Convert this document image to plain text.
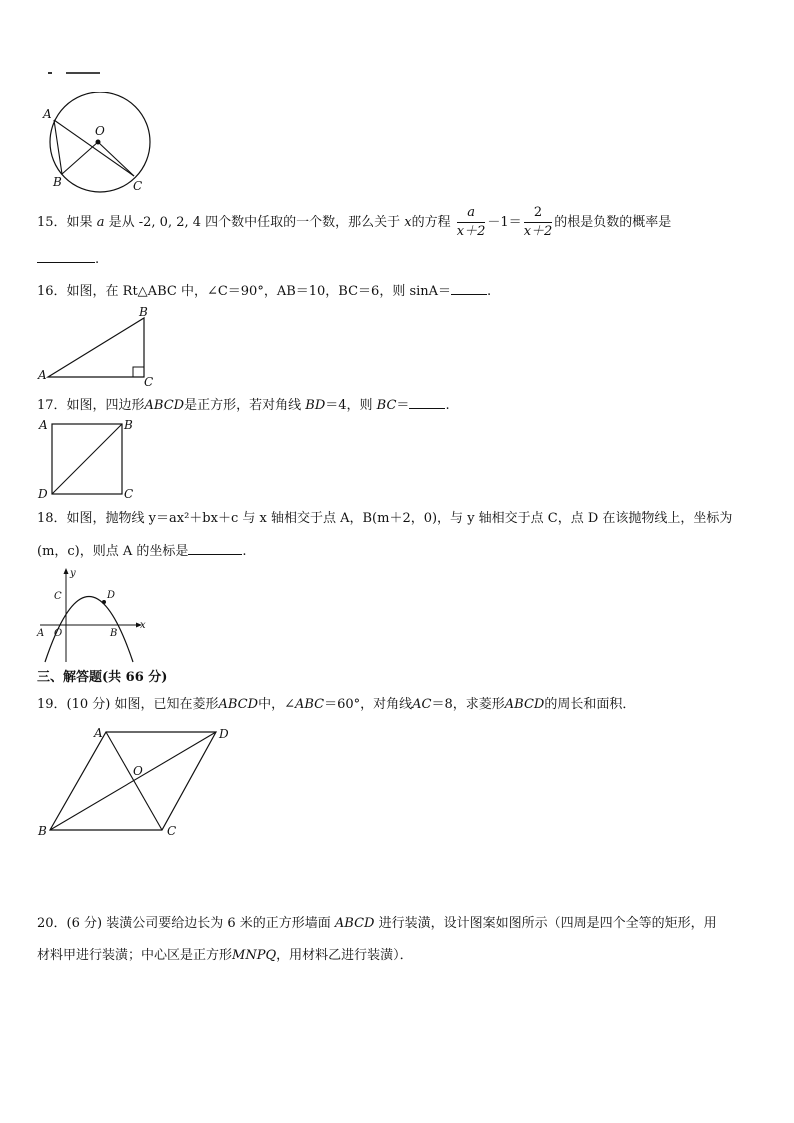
A
O
B	C
15．如果 a 是从 -2, 0, 2, 4 四个数中任取的一个数，那么关于 x的方程 $\frac{a}{x+2} -1= \frac{2}{x+2}$ 的根是负数的概率是
.
16．如图，在 Rt△ABC 中，∠C＝90°，AB＝10，BC＝6，则 sinA＝	.
B
A	C
17．如图，四边形ABCD是正方形，若对角线 BD＝4，则 BC＝	.
A	B
D	C
18．如图，抛物线 y＝ax²＋bx＋c 与 x 轴相交于点 A，B(m＋2，0)，与 y 轴相交于点 C，点 D 在该抛物线上，坐标为
(m，c)，则点 A 的坐标是	.
y
C	D
A O	B
x
三、解答题(共 66 分)
19．(10 分) 如图，已知在菱形ABCD中，∠ABC＝60°，对角线AC＝8，求菱形ABCD的周长和面积．
A	D
O
B	C
20．(6 分) 装潢公司要给边长为 6 米的正方形墙面 ABCD 进行装潢，设计图案如图所示（四周是四个全等的矩形，用
材料甲进行装潢；中心区是正方形MNPQ，用材料乙进行装潢）．
